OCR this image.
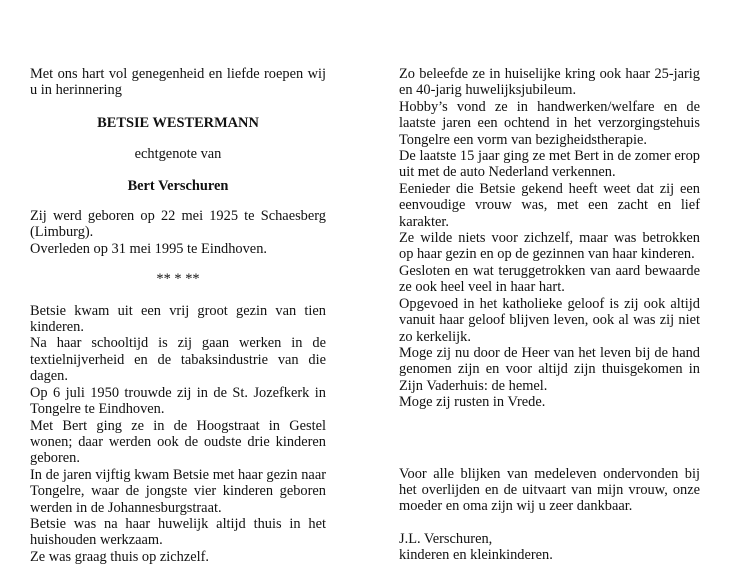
Met ons hart vol genegenheid en liefde roepen wij u in herinnering

BETSIE WESTERMANN

echtgenote van

Bert Verschuren

Zij werd geboren op 22 mei 1925 te Schaesberg (Limburg).

Overleden op 31 mei 1995 te Eindhoven.

** * **

Betsie kwam uit een vrij groot gezin van tien kinderen.

Na haar schooltijd is zij gaan werken in de textielnijverheid en de tabaksindustrie van die dagen.

Op 6 juli 1950 trouwde zij in de St. Jozefkerk in Tongelre te Eindhoven.

Met Bert ging ze in de Hoogstraat in Gestel wonen; daar werden ook de oudste drie kinderen geboren.

In de jaren vijftig kwam Betsie met haar gezin naar Tongelre, waar de jongste vier kinderen geboren werden in de Johannesburgstraat.

Betsie was na haar huwelijk altijd thuis in het huishouden werkzaam.

Ze was graag thuis op zichzelf.

Zo beleefde ze in huiselijke kring ook haar 25-jarig en 40-jarig huwelijksjubileum.

Hobby’s vond ze in handwerken/welfare en de laatste jaren een ochtend in het verzorgingstehuis Tongelre een vorm van bezigheidstherapie.

De laatste 15 jaar ging ze met Bert in de zomer erop uit met de auto Nederland verkennen.

Eenieder die Betsie gekend heeft weet dat zij een eenvoudige vrouw was, met een zacht en lief karakter.

Ze wilde niets voor zichzelf, maar was betrokken op haar gezin en op de gezinnen van haar kinderen.

Gesloten en wat teruggetrokken van aard bewaarde ze ook heel veel in haar hart.

Opgevoed in het katholieke geloof is zij ook altijd vanuit haar geloof blijven leven, ook al was zij niet zo kerkelijk.

Moge zij nu door de Heer van het leven bij de hand genomen zijn en voor altijd zijn thuisgekomen in Zijn Vaderhuis: de hemel.

Moge zij rusten in Vrede.

Voor alle blijken van medeleven ondervonden bij het overlijden en de uitvaart van mijn vrouw, onze moeder en oma zijn wij u zeer dankbaar.

J.L. Verschuren,

kinderen en kleinkinderen.
